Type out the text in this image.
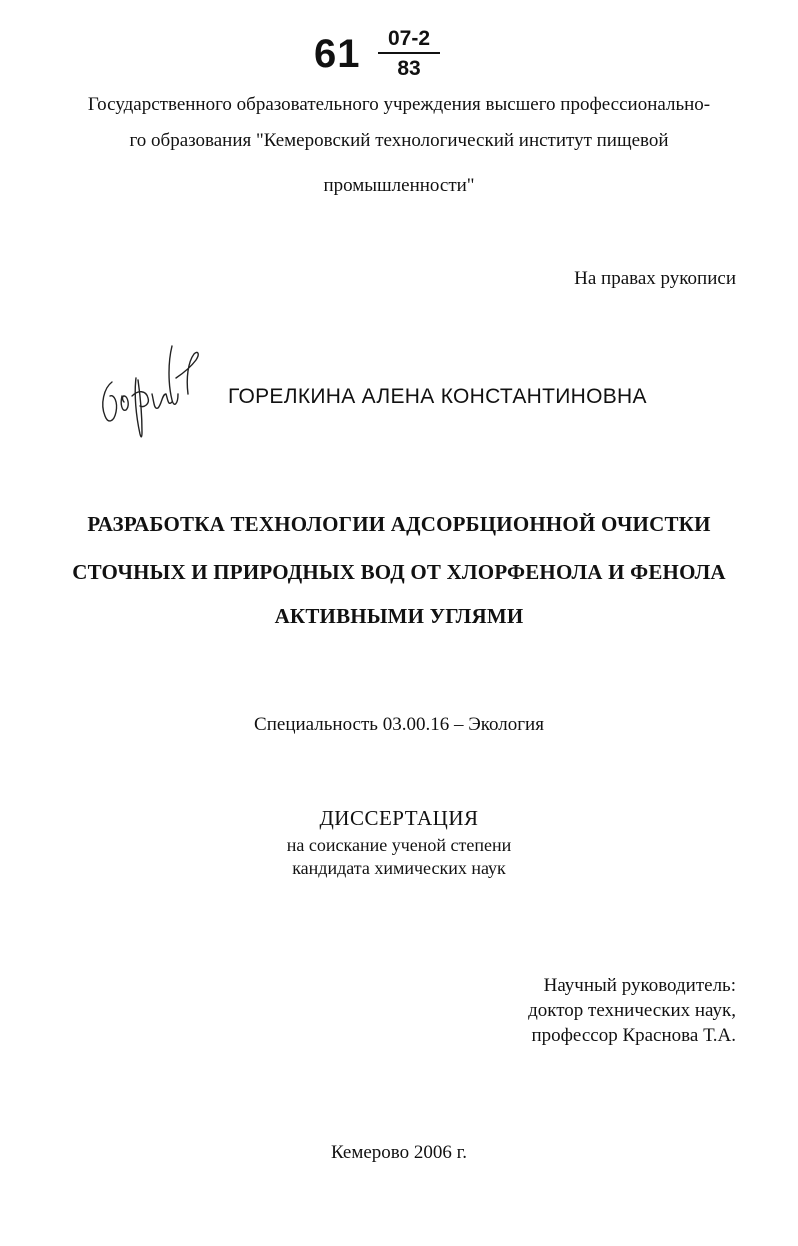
61	07-2
83
Государственного образовательного учреждения высшего профессионально-
го образования "Кемеровский технологический институт пищевой
промышленности"
На правах рукописи
ГОРЕЛКИНА АЛЕНА КОНСТАНТИНОВНА
РАЗРАБОТКА ТЕХНОЛОГИИ АДСОРБЦИОННОЙ ОЧИСТКИ
СТОЧНЫХ И ПРИРОДНЫХ ВОД ОТ ХЛОРФЕНОЛА И ФЕНОЛА
АКТИВНЫМИ УГЛЯМИ
Специальность 03.00.16 – Экология
ДИССЕРТАЦИЯ
на соискание ученой степени
кандидата химических наук
Научный руководитель:
доктор технических наук,
профессор Краснова Т.А.
Кемерово 2006 г.
